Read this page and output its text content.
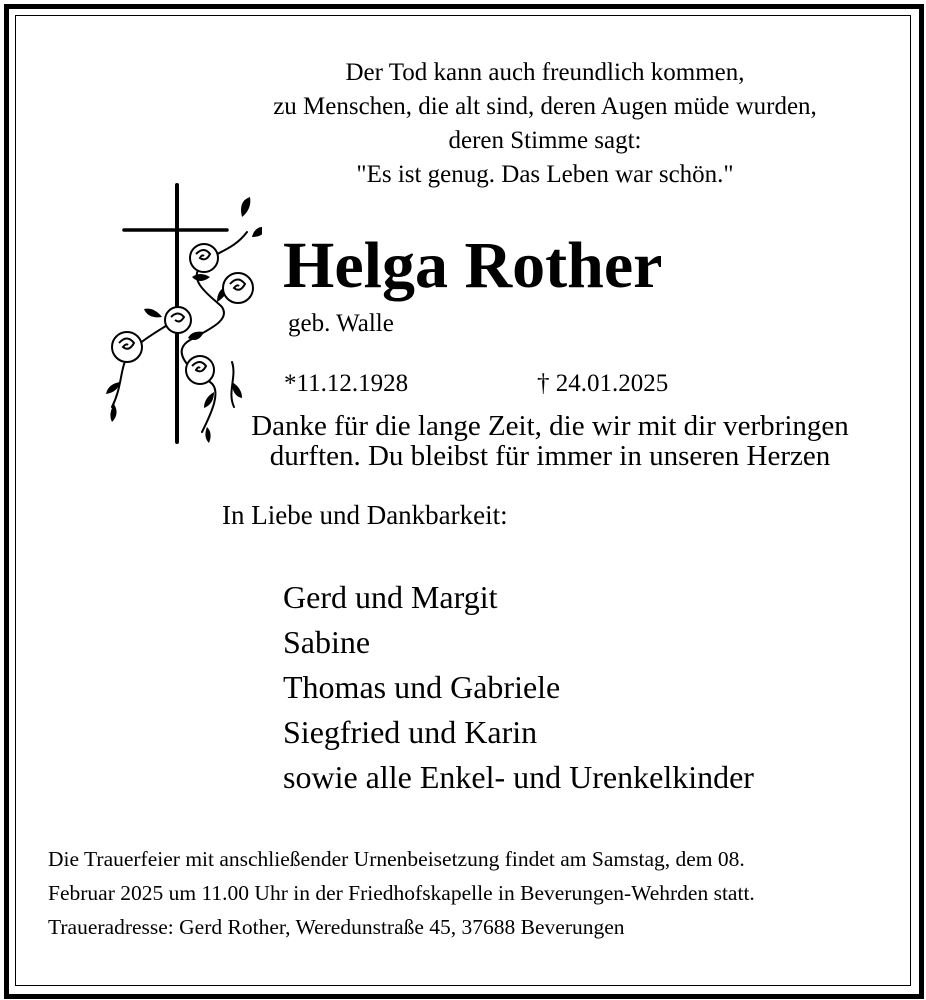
Der Tod kann auch freundlich kommen,
zu Menschen, die alt sind, deren Augen müde wurden,
deren Stimme sagt:
"Es ist genug. Das Leben war schön."
Helga Rother
geb. Walle
*11.12.1928	† 24.01.2025
Danke für die lange Zeit, die wir mit dir verbringen
durften. Du bleibst für immer in unseren Herzen
In Liebe und Dankbarkeit:
Gerd und Margit
Sabine
Thomas und Gabriele
Siegfried und Karin
sowie alle Enkel- und Urenkelkinder
Die Trauerfeier mit anschließender Urnenbeisetzung findet am Samstag, dem 08.
Februar 2025 um 11.00 Uhr in der Friedhofskapelle in Beverungen-Wehrden statt.
Traueradresse: Gerd Rother, Weredunstraße 45, 37688 Beverungen
